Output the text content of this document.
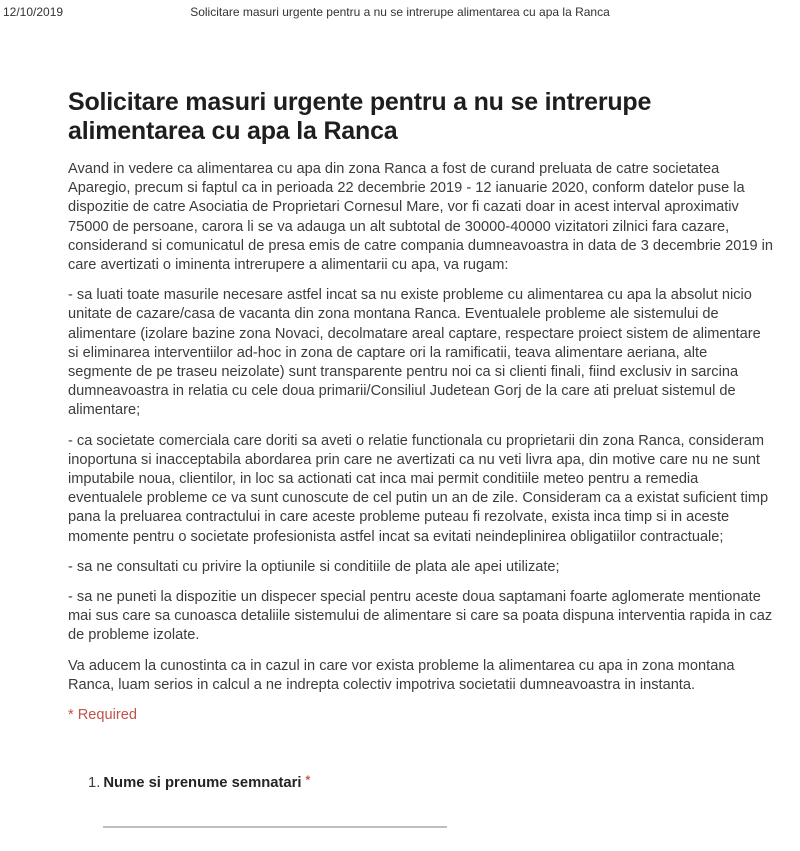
12/10/2019	Solicitare masuri urgente pentru a nu se intrerupe alimentarea cu apa la Ranca
Solicitare masuri urgente pentru a nu se intrerupe alimentarea cu apa la Ranca

Avand in vedere ca alimentarea cu apa din zona Ranca a fost de curand preluata de catre societatea Aparegio, precum si faptul ca in perioada 22 decembrie 2019 - 12 ianuarie 2020, conform datelor puse la dispozitie de catre Asociatia de Proprietari Cornesul Mare, vor fi cazati doar in acest interval aproximativ 75000 de persoane, carora li se va adauga un alt subtotal de 30000-40000 vizitatori zilnici fara cazare, considerand si comunicatul de presa emis de catre compania dumneavoastra in data de 3 decembrie 2019 in care avertizati o iminenta intrerupere a alimentarii cu apa, va rugam:

- sa luati toate masurile necesare astfel incat sa nu existe probleme cu alimentarea cu apa la absolut nicio unitate de cazare/casa de vacanta din zona montana Ranca. Eventualele probleme ale sistemului de alimentare (izolare bazine zona Novaci, decolmatare areal captare, respectare proiect sistem de alimentare si eliminarea interventiilor ad-hoc in zona de captare ori la ramificatii, teava alimentare aeriana, alte segmente de pe traseu neizolate) sunt transparente pentru noi ca si clienti finali, fiind exclusiv in sarcina dumneavoastra in relatia cu cele doua primarii/Consiliul Judetean Gorj de la care ati preluat sistemul de alimentare;

- ca societate comerciala care doriti sa aveti o relatie functionala cu proprietarii din zona Ranca, consideram inoportuna si inacceptabila abordarea prin care ne avertizati ca nu veti livra apa, din motive care nu ne sunt imputabile noua, clientilor, in loc sa actionati cat inca mai permit conditiile meteo pentru a remedia eventualele probleme ce va sunt cunoscute de cel putin un an de zile. Consideram ca a existat suficient timp pana la preluarea contractului in care aceste probleme puteau fi rezolvate, exista inca timp si in aceste momente pentru o societate profesionista astfel incat sa evitati neindeplinirea obligatiilor contractuale;

- sa ne consultati cu privire la optiunile si conditiile de plata ale apei utilizate;

- sa ne puneti la dispozitie un dispecer special pentru aceste doua saptamani foarte aglomerate mentionate mai sus care sa cunoasca detaliile sistemului de alimentare si care sa poata dispuna interventia rapida in caz de probleme izolate.

Va aducem la cunostinta ca in cazul in care vor exista probleme la alimentarea cu apa in zona montana Ranca, luam serios in calcul a ne indrepta colectiv impotriva societatii dumneavoastra in instanta.

* Required

1. Nume si prenume semnatari *
